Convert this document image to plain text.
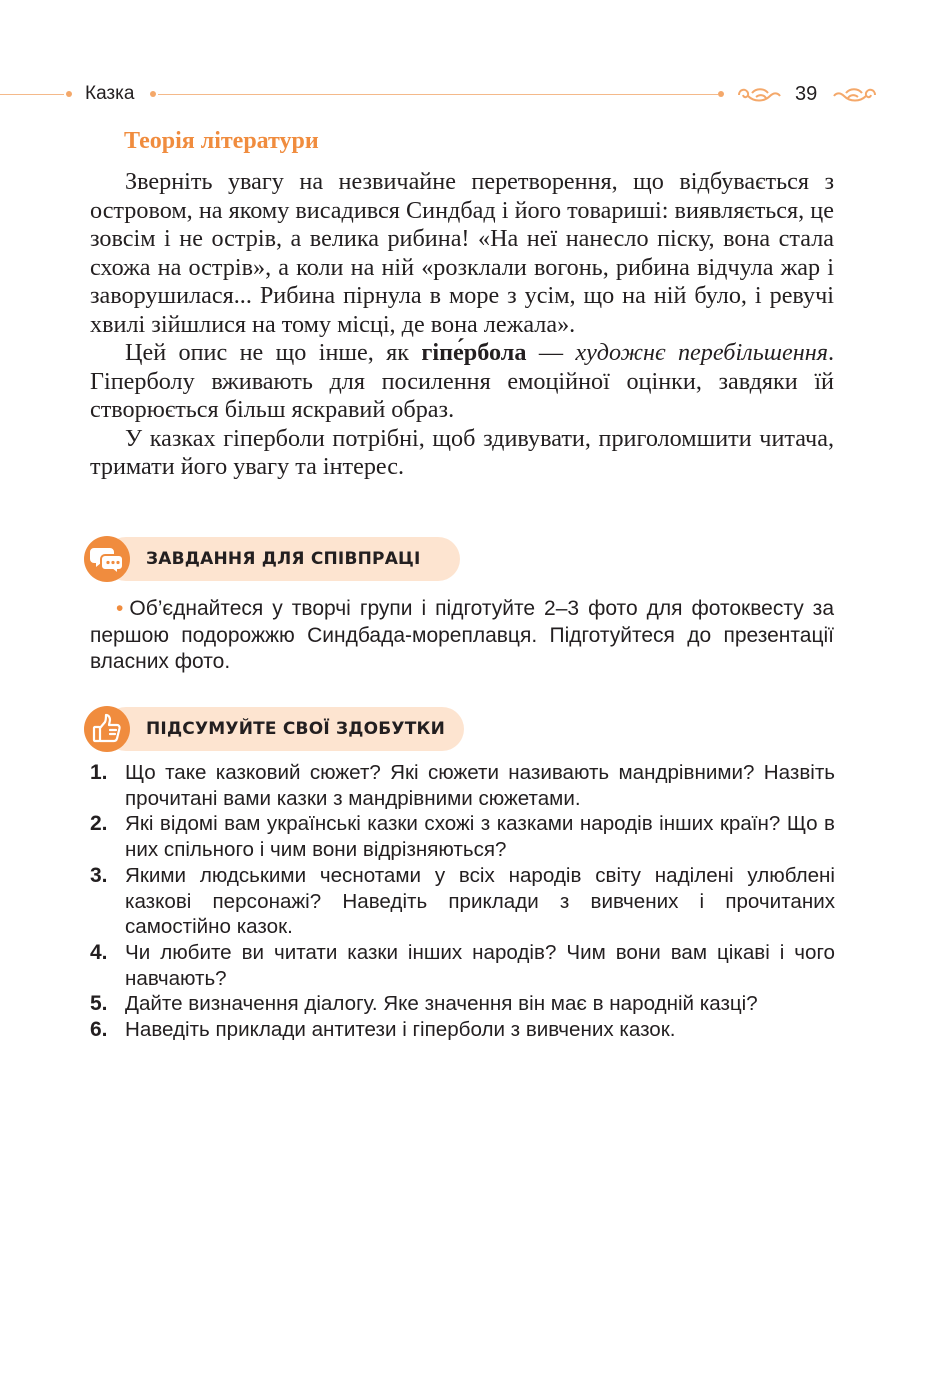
Казка	39
Теорія літератури

Зверніть увагу на незвичайне перетворення, що відбувається з островом, на якому висадився Синдбад і його товариші: виявляється, це зовсім і не острів, а велика рибина! «На неї нанесло піску, вона стала схожа на острів», а коли на ній «розклали вогонь, рибина відчула жар і заворушилася... Рибина пірнула в море з усім, що на ній було, і ревучі хвилі зійшлися на тому місці, де вона лежала».

Цей опис не що інше, як гіпе́рбола — художнє перебільшення. Гіперболу вживають для посилення емоційної оцінки, завдяки їй створюється більш яскравий образ.

У казках гіперболи потрібні, щоб здивувати, приголомшити читача, тримати його увагу та інтерес.

ЗАВДАННЯ ДЛЯ СПІВПРАЦІ
• Об’єднайтеся у творчі групи і підготуйте 2–3 фото для фотоквесту за першою подорожжю Синдбада-мореплавця. Підготуйтеся до презентації власних фото.
ПІДСУМУЙТЕ СВОЇ ЗДОБУТКИ
1. Що таке казковий сюжет? Які сюжети називають мандрівними? Назвіть прочитані вами казки з мандрівними сюжетами.
2. Які відомі вам українські казки схожі з казками народів інших країн? Що в них спільного і чим вони відрізняються?
3. Якими людськими чеснотами у всіх народів світу наділені улюблені казкові персонажі? Наведіть приклади з вивчених і прочитаних самостійно казок.
4. Чи любите ви читати казки інших народів? Чим вони вам цікаві і чого навчають?
5. Дайте визначення діалогу. Яке значення він має в народній казці?
6. Наведіть приклади антитези і гіперболи з вивчених казок.
